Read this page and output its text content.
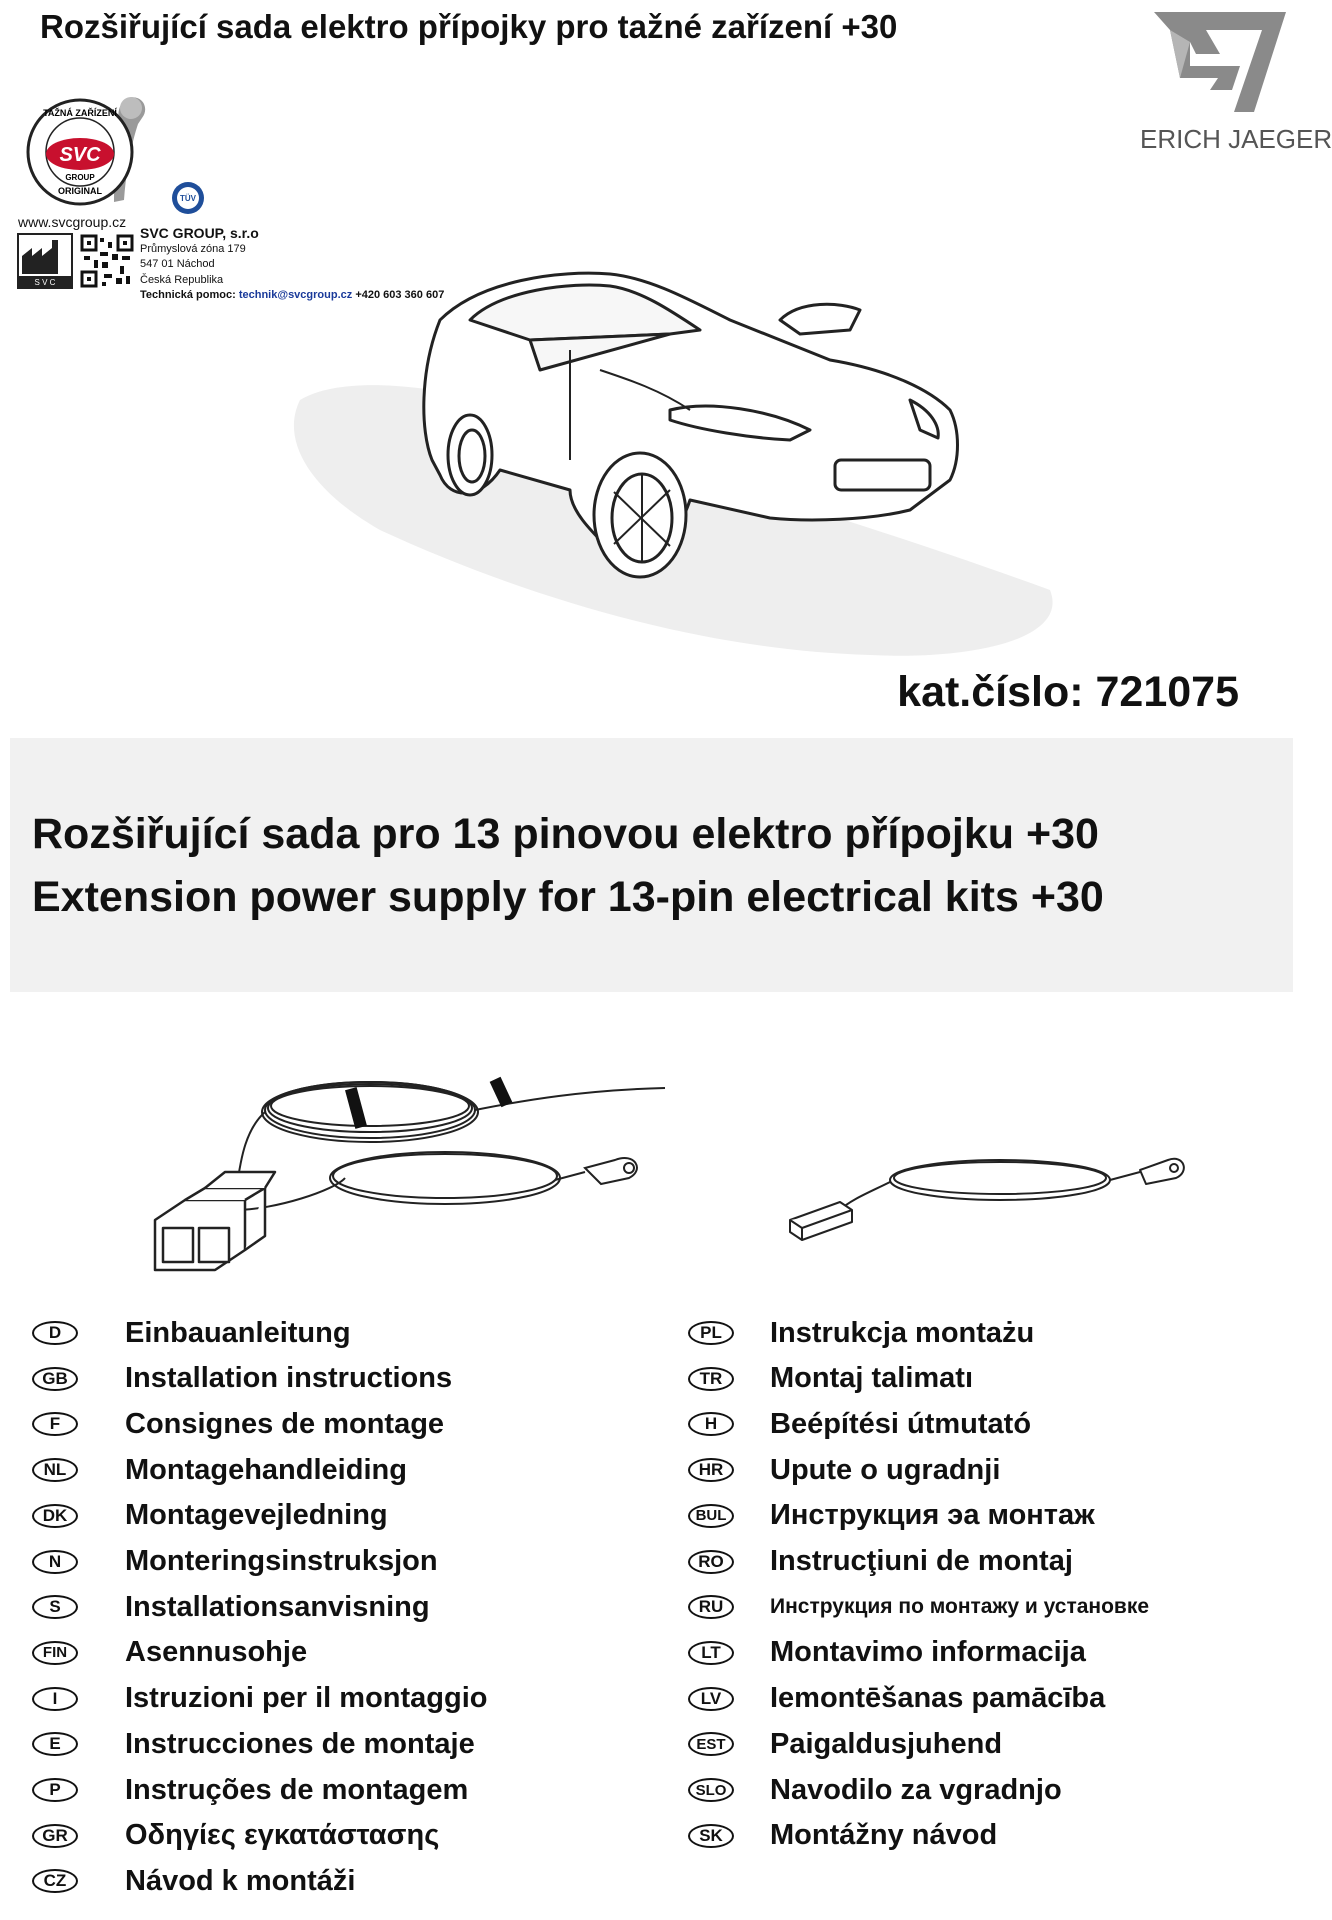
Rozšiřující sada elektro přípojky pro tažné zařízení +30
TAŽNÁ ZAŘÍZENÍ
SVC
GROUP
ORIGINAL
TÜV
www.svcgroup.cz
S V C
SVC GROUP, s.r.o
Průmyslová zóna 179
547 01 Náchod
Česká Republika
Technická pomoc: technik@svcgroup.cz +420 603 360 607
ERICH JAEGER
kat.číslo: 721075
Rozšiřující sada pro 13 pinovou elektro přípojku +30
Extension power supply for 13-pin electrical kits +30
D	Einbauanleitung
GB	Installation instructions
F	Consignes de montage
NL	Montagehandleiding
DK	Montagevejledning
N	Monteringsinstruksjon
S	Installationsanvisning
FIN	Asennusohje
I	Istruzioni per il montaggio
E	Instrucciones de montaje
P	Instruções de montagem
GR	Οδηγίες εγκατάστασης
CZ	Návod k montáži
PL	Instrukcja montażu
TR	Montaj talimatı
H	Beépítési útmutató
HR	Upute o ugradnji
BUL Инструкция эа монтаж
RO	Instrucţiuni de montaj
RU	Инструкция по монтажу и установке
LT	Montavimo informacija
LV	Iemontēšanas pamācība
EST Paigaldusjuhend
SLO Navodilo za vgradnjo
SK	Montážny návod
